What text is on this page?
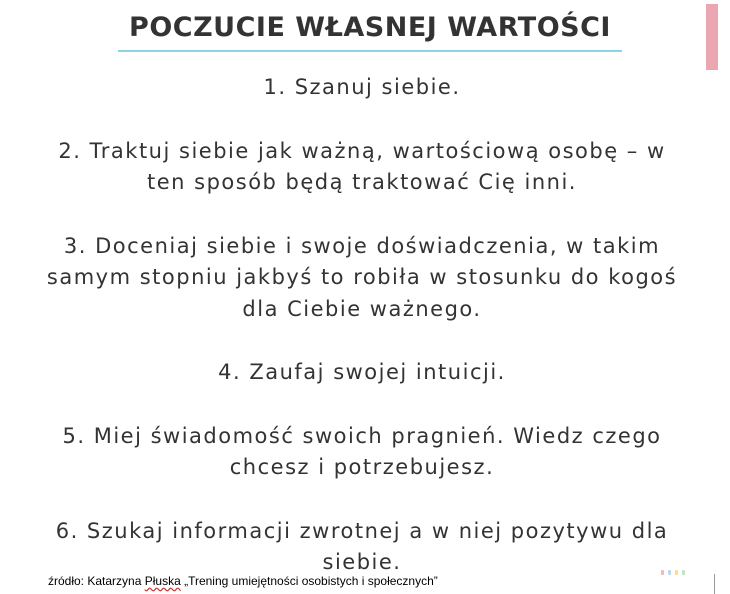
POCZUCIE WŁASNEJ WARTOŚCI
1. Szanuj siebie.
2. Traktuj siebie jak ważną, wartościową osobę – w
ten sposób będą traktować Cię inni.
3. Doceniaj siebie i swoje doświadczenia, w takim
samym stopniu jakbyś to robiła w stosunku do kogoś
dla Ciebie ważnego.
4. Zaufaj swojej intuicji.
5. Miej świadomość swoich pragnień. Wiedz czego
chcesz i potrzebujesz.
6. Szukaj informacji zwrotnej a w niej pozytywu dla
siebie.
źródło: Katarzyna Płuska „Trening umiejętności osobistych i społecznych”
